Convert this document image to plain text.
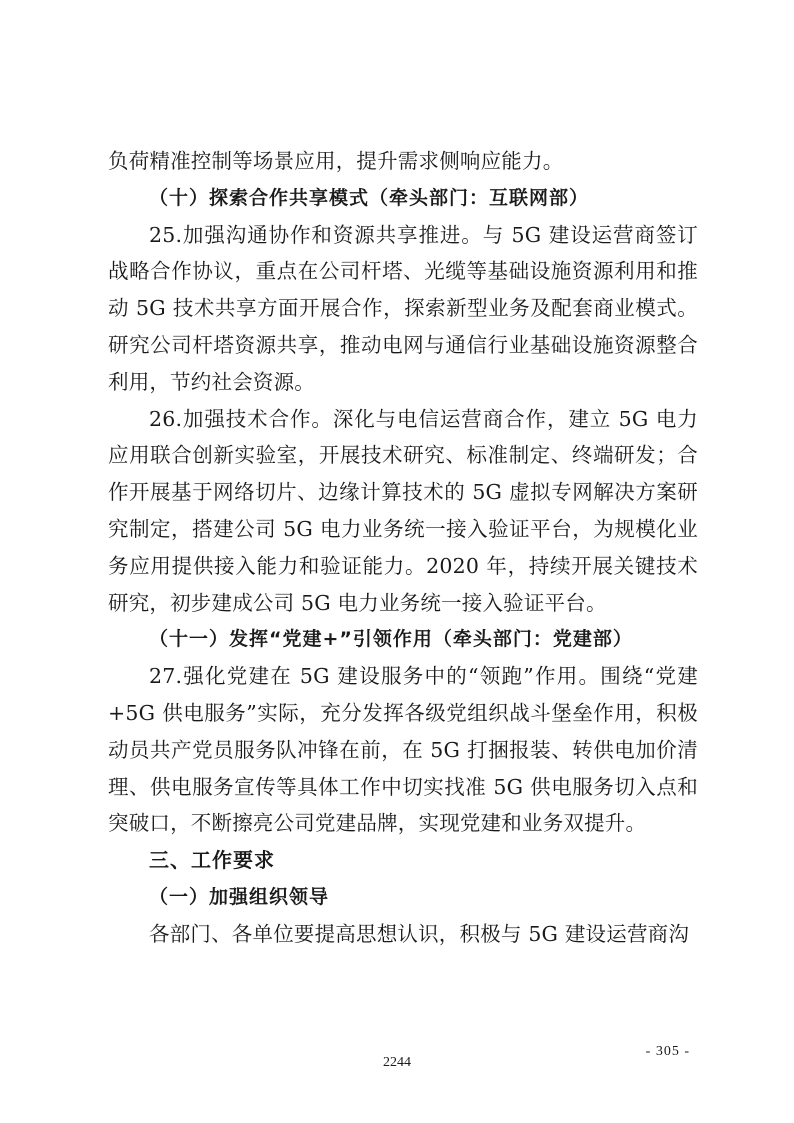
负荷精准控制等场景应用，提升需求侧响应能力。

（十）探索合作共享模式（牵头部门：互联网部）

25.加强沟通协作和资源共享推进。与 5G 建设运营商签订战略合作协议，重点在公司杆塔、光缆等基础设施资源利用和推动 5G 技术共享方面开展合作，探索新型业务及配套商业模式。研究公司杆塔资源共享，推动电网与通信行业基础设施资源整合利用，节约社会资源。

26.加强技术合作。深化与电信运营商合作，建立 5G 电力应用联合创新实验室，开展技术研究、标准制定、终端研发；合作开展基于网络切片、边缘计算技术的 5G 虚拟专网解决方案研究制定，搭建公司 5G 电力业务统一接入验证平台，为规模化业务应用提供接入能力和验证能力。2020 年，持续开展关键技术研究，初步建成公司 5G 电力业务统一接入验证平台。

（十一）发挥“党建+”引领作用（牵头部门：党建部）

27.强化党建在 5G 建设服务中的“领跑”作用。围绕“党建+5G 供电服务”实际，充分发挥各级党组织战斗堡垒作用，积极动员共产党员服务队冲锋在前，在 5G 打捆报装、转供电加价清理、供电服务宣传等具体工作中切实找准 5G 供电服务切入点和突破口，不断擦亮公司党建品牌，实现党建和业务双提升。

三、工作要求

（一）加强组织领导

各部门、各单位要提高思想认识，积极与 5G 建设运营商沟

- 305 -
2244
